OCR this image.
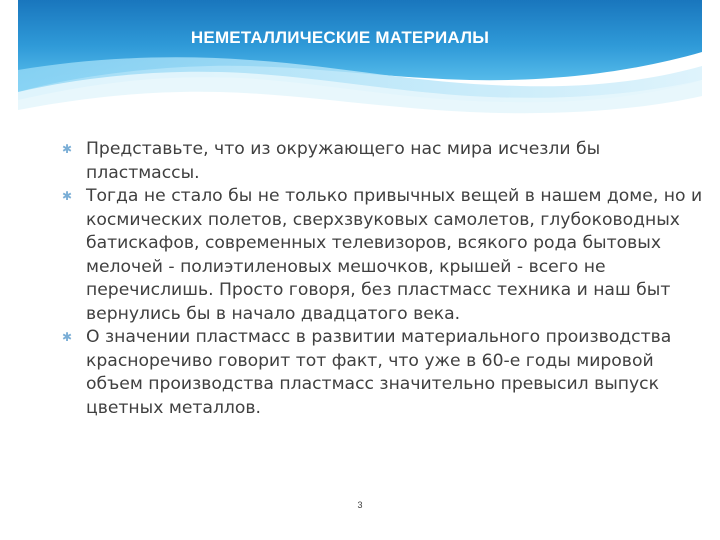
НЕМЕТАЛЛИЧЕСКИЕ МАТЕРИАЛЫ
✱ Представьте, что из окружающего нас мира исчезли бы пластмассы.
✱ Тогда не стало бы не только привычных вещей в нашем доме, но и космических полетов, сверхзвуковых самолетов, глубоководных батискафов, современных телевизоров, всякого рода бытовых мелочей - полиэтиленовых мешочков, крышей - всего не перечислишь. Просто говоря, без пластмасс техника и наш быт вернулись бы в начало двадцатого века.
✱ О значении пластмасс в развитии материального производства красноречиво говорит тот факт, что уже в 60-е годы мировой объем производства пластмасс значительно превысил выпуск цветных металлов.
3
